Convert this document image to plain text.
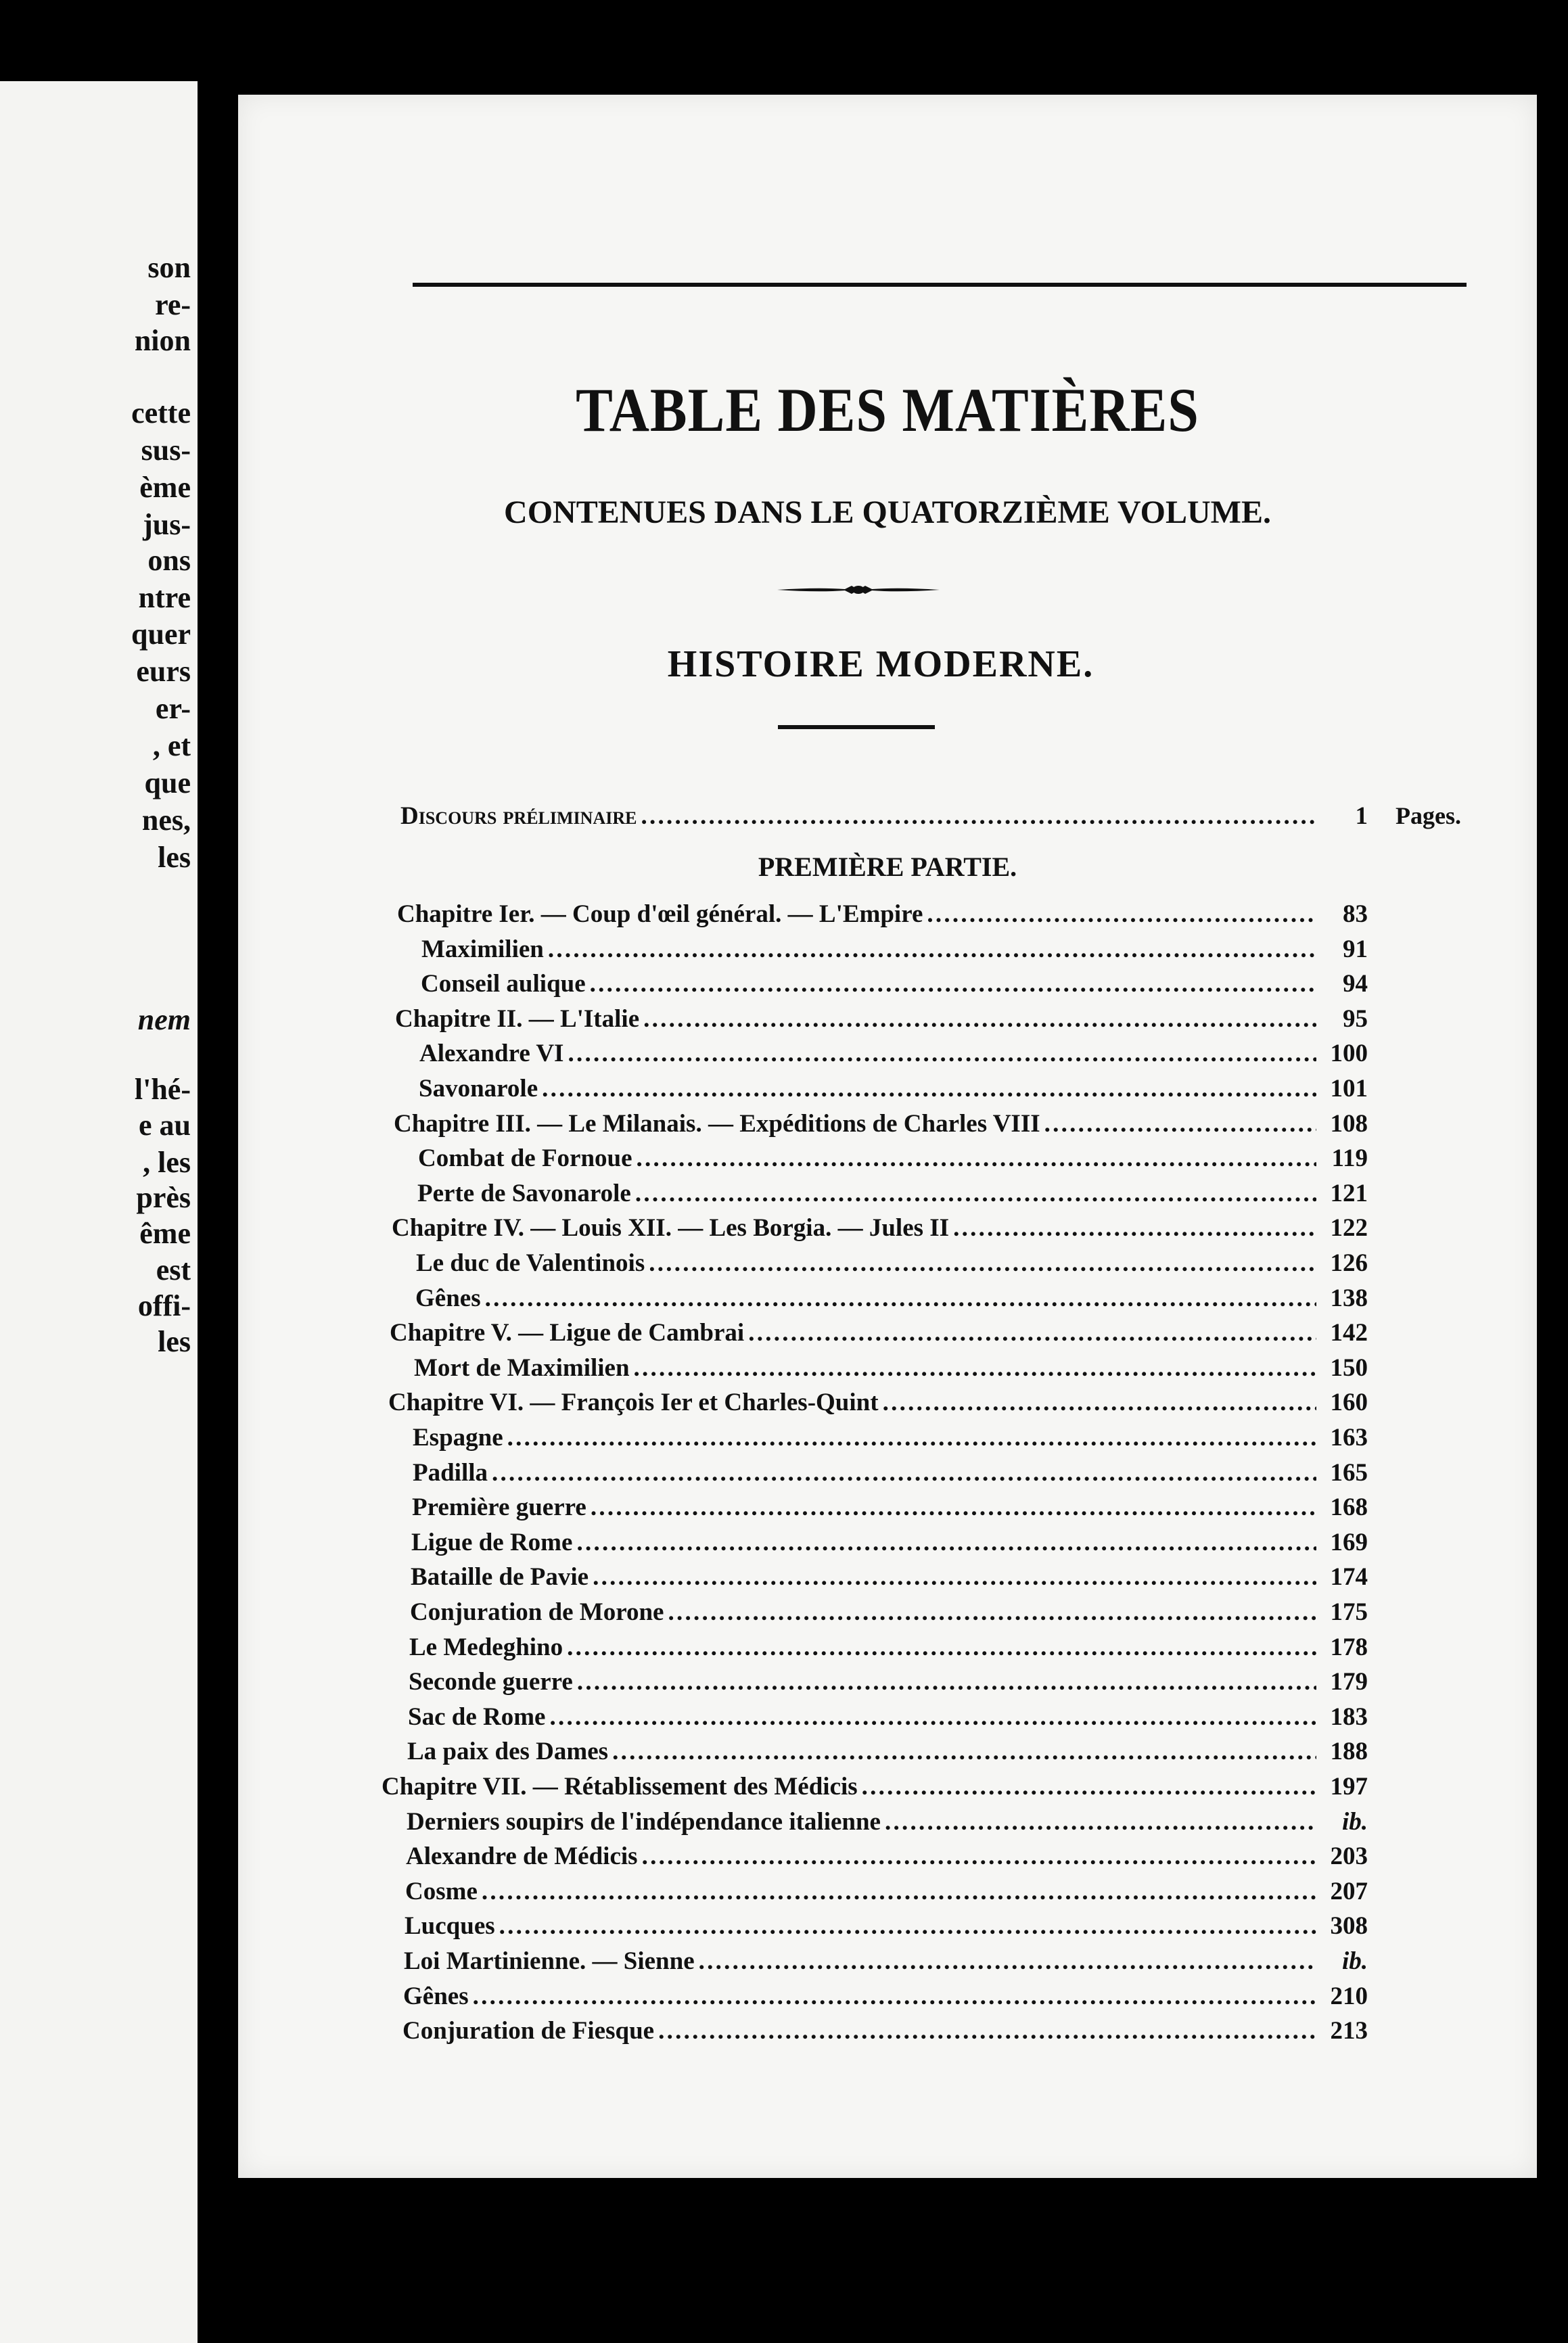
son
re-
nion
cette
sus-
ème
jus-
ons
ntre
quer
eurs
er-
, et
que
nes,
les
nem
l'hé-
e au
, les
près
ême
est
offi-
les
TABLE DES MATIÈRES
CONTENUES DANS LE QUATORZIÈME VOLUME.
HISTOIRE MODERNE.
Pages.
PREMIÈRE PARTIE.
Discours préliminaire . . .	1
Chapitre Ier. — Coup d'œil général. — L'Empire . . .	83
Maximilien . . .	91
Conseil aulique . . .	94
Chapitre II. — L'Italie . . .	95
Alexandre VI . . .	100
Savonarole . . .	101
Chapitre III. — Le Milanais. — Expéditions de Charles VIII . . .	108
Combat de Fornoue . . .	119
Perte de Savonarole . . .	121
Chapitre IV. — Louis XII. — Les Borgia. — Jules II . . .	122
Le duc de Valentinois . . .	126
Gênes . . .	138
Chapitre V. — Ligue de Cambrai . . .	142
Mort de Maximilien . . .	150
Chapitre VI. — François Ier et Charles-Quint . . .	160
Espagne . . .	163
Padilla . . .	165
Première guerre . . .	168
Ligue de Rome . . .	169
Bataille de Pavie . . .	174
Conjuration de Morone . . .	175
Le Medeghino . . .	178
Seconde guerre . . .	179
Sac de Rome . . .	183
La paix des Dames . . .	188
Chapitre VII. — Rétablissement des Médicis . . .	197
Derniers soupirs de l'indépendance italienne . . .	ib.
Alexandre de Médicis . . .	203
Cosme . . .	207
Lucques . . .	308
Loi Martinienne. — Sienne . . .	ib.
Gênes . . .	210
Conjuration de Fiesque . . .	213
